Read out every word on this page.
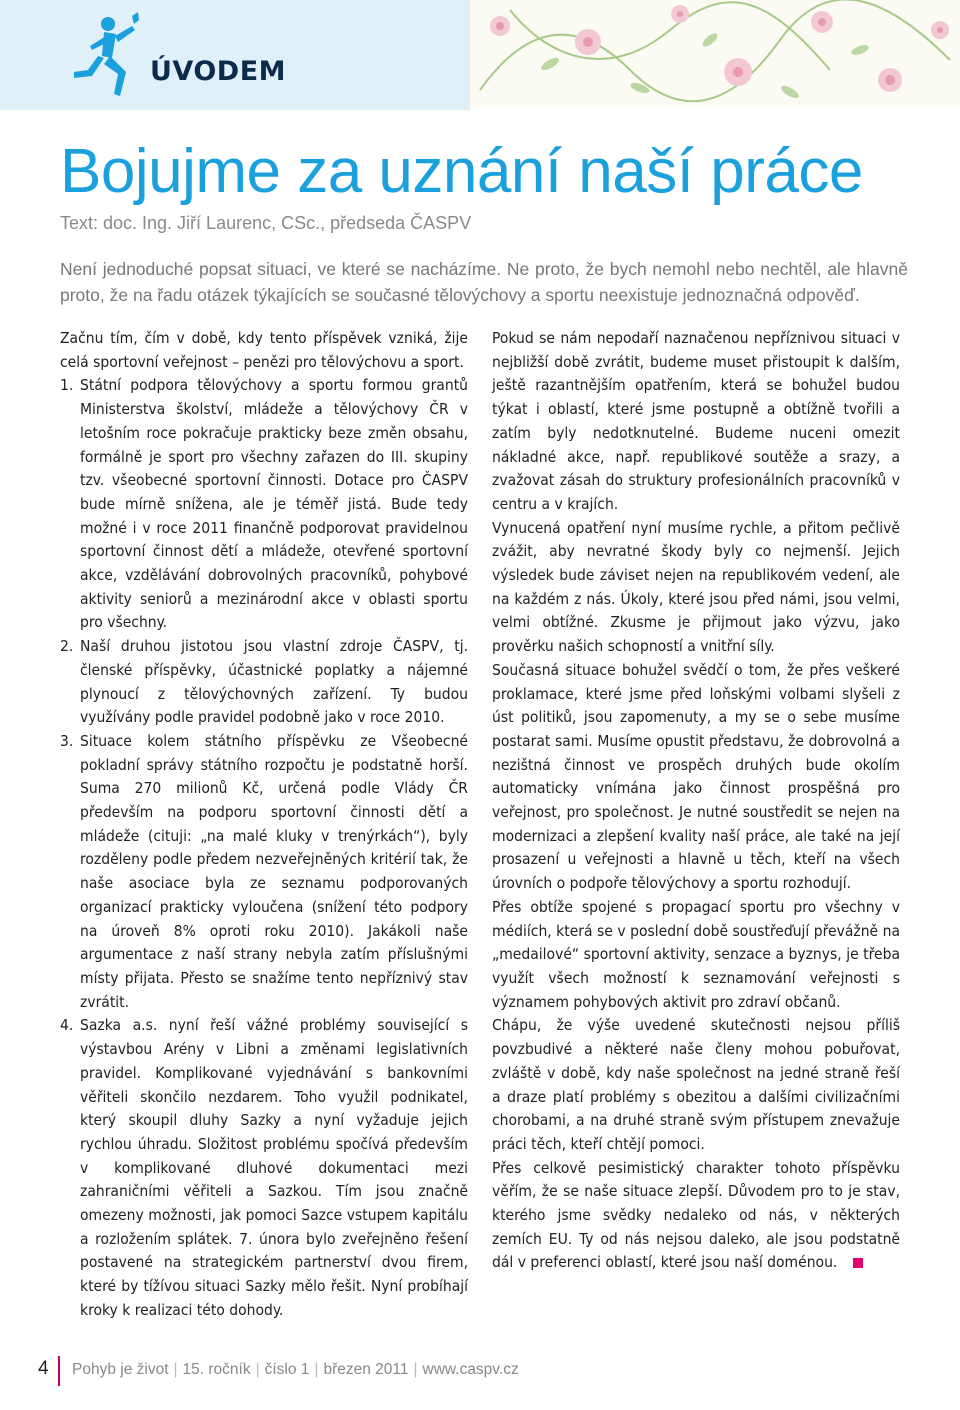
ÚVODEM
Bojujme za uznání naší práce
Text: doc. Ing. Jiří Laurenc, CSc., předseda ČASPV

Není jednoduché popsat situaci, ve které se nacházíme. Ne proto, že bych nemohl nebo nechtěl, ale hlavně proto, že na řadu otázek týkajících se současné tělovýchovy a sportu neexistuje jednoznačná odpověď.

Začnu tím, čím v době, kdy tento příspěvek vzniká, žije celá sportovní veřejnost – penězi pro tělovýchovu a sport.

1. Státní podpora tělovýchovy a sportu formou grantů Ministerstva školství, mládeže a tělovýchovy ČR v letošním roce pokračuje prakticky beze změn obsahu, formálně je sport pro všechny zařazen do III. skupiny tzv. všeobecné sportovní činnosti. Dotace pro ČASPV bude mírně snížena, ale je téměř jistá. Bude tedy možné i v roce 2011 finančně podporovat pravidelnou sportovní činnost dětí a mládeže, otevřené sportovní akce, vzdělávání dobrovolných pracovníků, pohybové aktivity seniorů a mezinárodní akce v oblasti sportu pro všechny.
2. Naší druhou jistotou jsou vlastní zdroje ČASPV, tj. členské příspěvky, účastnické poplatky a nájemné plynoucí z tělovýchovných zařízení. Ty budou využívány podle pravidel podobně jako v roce 2010.
3. Situace kolem státního příspěvku ze Všeobecné pokladní správy státního rozpočtu je podstatně horší. Suma 270 milionů Kč, určená podle Vlády ČR především na podporu sportovní činnosti dětí a mládeže (cituji: „na malé kluky v trenýrkách“), byly rozděleny podle předem nezveřejněných kritérií tak, že naše asociace byla ze seznamu podporovaných organizací prakticky vyloučena (snížení této podpory na úroveň 8% oproti roku 2010). Jakákoli naše argumentace z naší strany nebyla zatím příslušnými místy přijata. Přesto se snažíme tento nepříznivý stav zvrátit.
4. Sazka a.s. nyní řeší vážné problémy související s výstavbou Arény v Libni a změnami legislativních pravidel. Komplikované vyjednávání s bankovními věřiteli skončilo nezdarem. Toho využil podnikatel, který skoupil dluhy Sazky a nyní vyžaduje jejich rychlou úhradu. Složitost problému spočívá především v komplikované dluhové dokumentaci mezi zahraničními věřiteli a Sazkou. Tím jsou značně omezeny možnosti, jak pomoci Sazce vstupem kapitálu a rozložením splátek. 7. února bylo zveřejněno řešení postavené na strategickém partnerství dvou firem, které by tížívou situaci Sazky mělo řešit. Nyní probíhají kroky k realizaci této dohody.

Pokud se nám nepodaří naznačenou nepříznivou situaci v nejbližší době zvrátit, budeme muset přistoupit k dalším, ještě razantnějším opatřením, která se bohužel budou týkat i oblastí, které jsme postupně a obtížně tvořili a zatím byly nedotknutelné. Budeme nuceni omezit nákladné akce, např. republikové soutěže a srazy, a zvažovat zásah do struktury profesionálních pracovníků v centru a v krajích.

Vynucená opatření nyní musíme rychle, a přitom pečlivě zvážit, aby nevratné škody byly co nejmenší. Jejich výsledek bude záviset nejen na republikovém vedení, ale na každém z nás. Úkoly, které jsou před námi, jsou velmi, velmi obtížné. Zkusme je přijmout jako výzvu, jako prověrku našich schopností a vnitřní síly.

Současná situace bohužel svědčí o tom, že přes veškeré proklamace, které jsme před loňskými volbami slyšeli z úst politiků, jsou zapomenuty, a my se o sebe musíme postarat sami. Musíme opustit představu, že dobrovolná a nezištná činnost ve prospěch druhých bude okolím automaticky vnímána jako činnost prospěšná pro veřejnost, pro společnost. Je nutné soustředit se nejen na modernizaci a zlepšení kvality naší práce, ale také na její prosazení u veřejnosti a hlavně u těch, kteří na všech úrovních o podpoře tělovýchovy a sportu rozhodují.

Přes obtíže spojené s propagací sportu pro všechny v médiích, která se v poslední době soustřeďují převážně na „medailové“ sportovní aktivity, senzace a byznys, je třeba využít všech možností k seznamování veřejnosti s významem pohybových aktivit pro zdraví občanů.

Chápu, že výše uvedené skutečnosti nejsou příliš povzbudivé a některé naše členy mohou pobuřovat, zvláště v době, kdy naše společnost na jedné straně řeší a draze platí problémy s obezitou a dalšími civilizačními chorobami, a na druhé straně svým přístupem znevažuje práci těch, kteří chtějí pomoci.

Přes celkově pesimistický charakter tohoto příspěvku věřím, že se naše situace zlepší. Důvodem pro to je stav, kterého jsme svědky nedaleko od nás, v některých zemích EU. Ty od nás nejsou daleko, ale jsou podstatně dál v preferenci oblastí, které jsou naší doménou.

4 Pohyb je život | 15. ročník | číslo 1 | březen 2011 | www.caspv.cz
